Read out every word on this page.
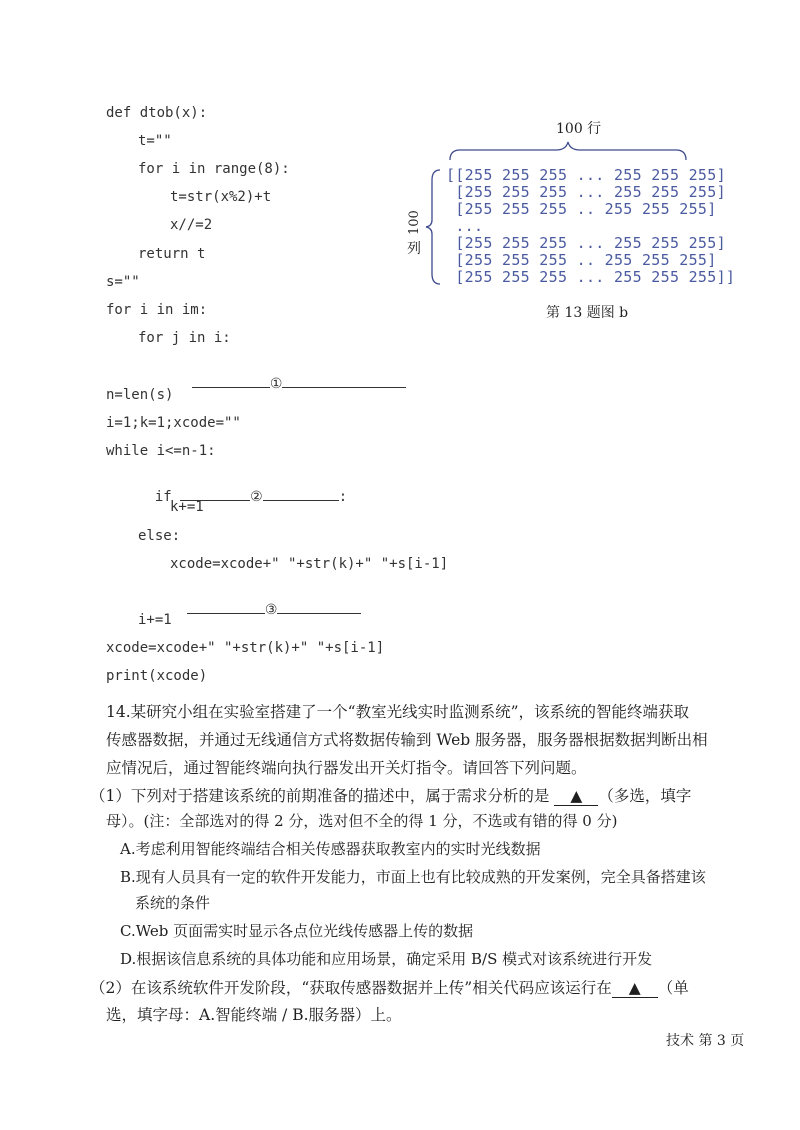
def dtob(x):
t=""
for i in range(8):
t=str(x%2)+t
x//=2
return t
s=""
for i in im:
for j in i:

①

n=len(s)
i=1;k=1;xcode=""
while i<=n-1:

if	②	:

k+=1
else:
xcode=xcode+" "+str(k)+" "+s[i-1]

③

i+=1
xcode=xcode+" "+str(k)+" "+s[i-1]
print(xcode)
100 行
100
列
[[255 255 255 ... 255 255 255]
[255 255 255 ... 255 255 255]
[255 255 255 .. 255 255 255]
...
[255 255 255 ... 255 255 255]
[255 255 255 .. 255 255 255]
[255 255 255 ... 255 255 255]]
第 13 题图 b
14.某研究小组在实验室搭建了一个“教室光线实时监测系统”，该系统的智能终端获取
传感器数据，并通过无线通信方式将数据传输到 Web 服务器，服务器根据数据判断出相
应情况后，通过智能终端向执行器发出开关灯指令。请回答下列问题。
（1）下列对于搭建该系统的前期准备的描述中，属于需求分析的是 ▲ （多选，填字
母）。(注：全部选对的得 2 分，选对但不全的得 1 分，不选或有错的得 0 分)
A.考虑利用智能终端结合相关传感器获取教室内的实时光线数据
B.现有人员具有一定的软件开发能力，市面上也有比较成熟的开发案例，完全具备搭建该
系统的条件
C.Web 页面需实时显示各点位光线传感器上传的数据
D.根据该信息系统的具体功能和应用场景，确定采用 B/S 模式对该系统进行开发
（2）在该系统软件开发阶段，“获取传感器数据并上传”相关代码应该运行在 ▲ （单
选，填字母：A.智能终端 / B.服务器）上。
技术 第 3 页
